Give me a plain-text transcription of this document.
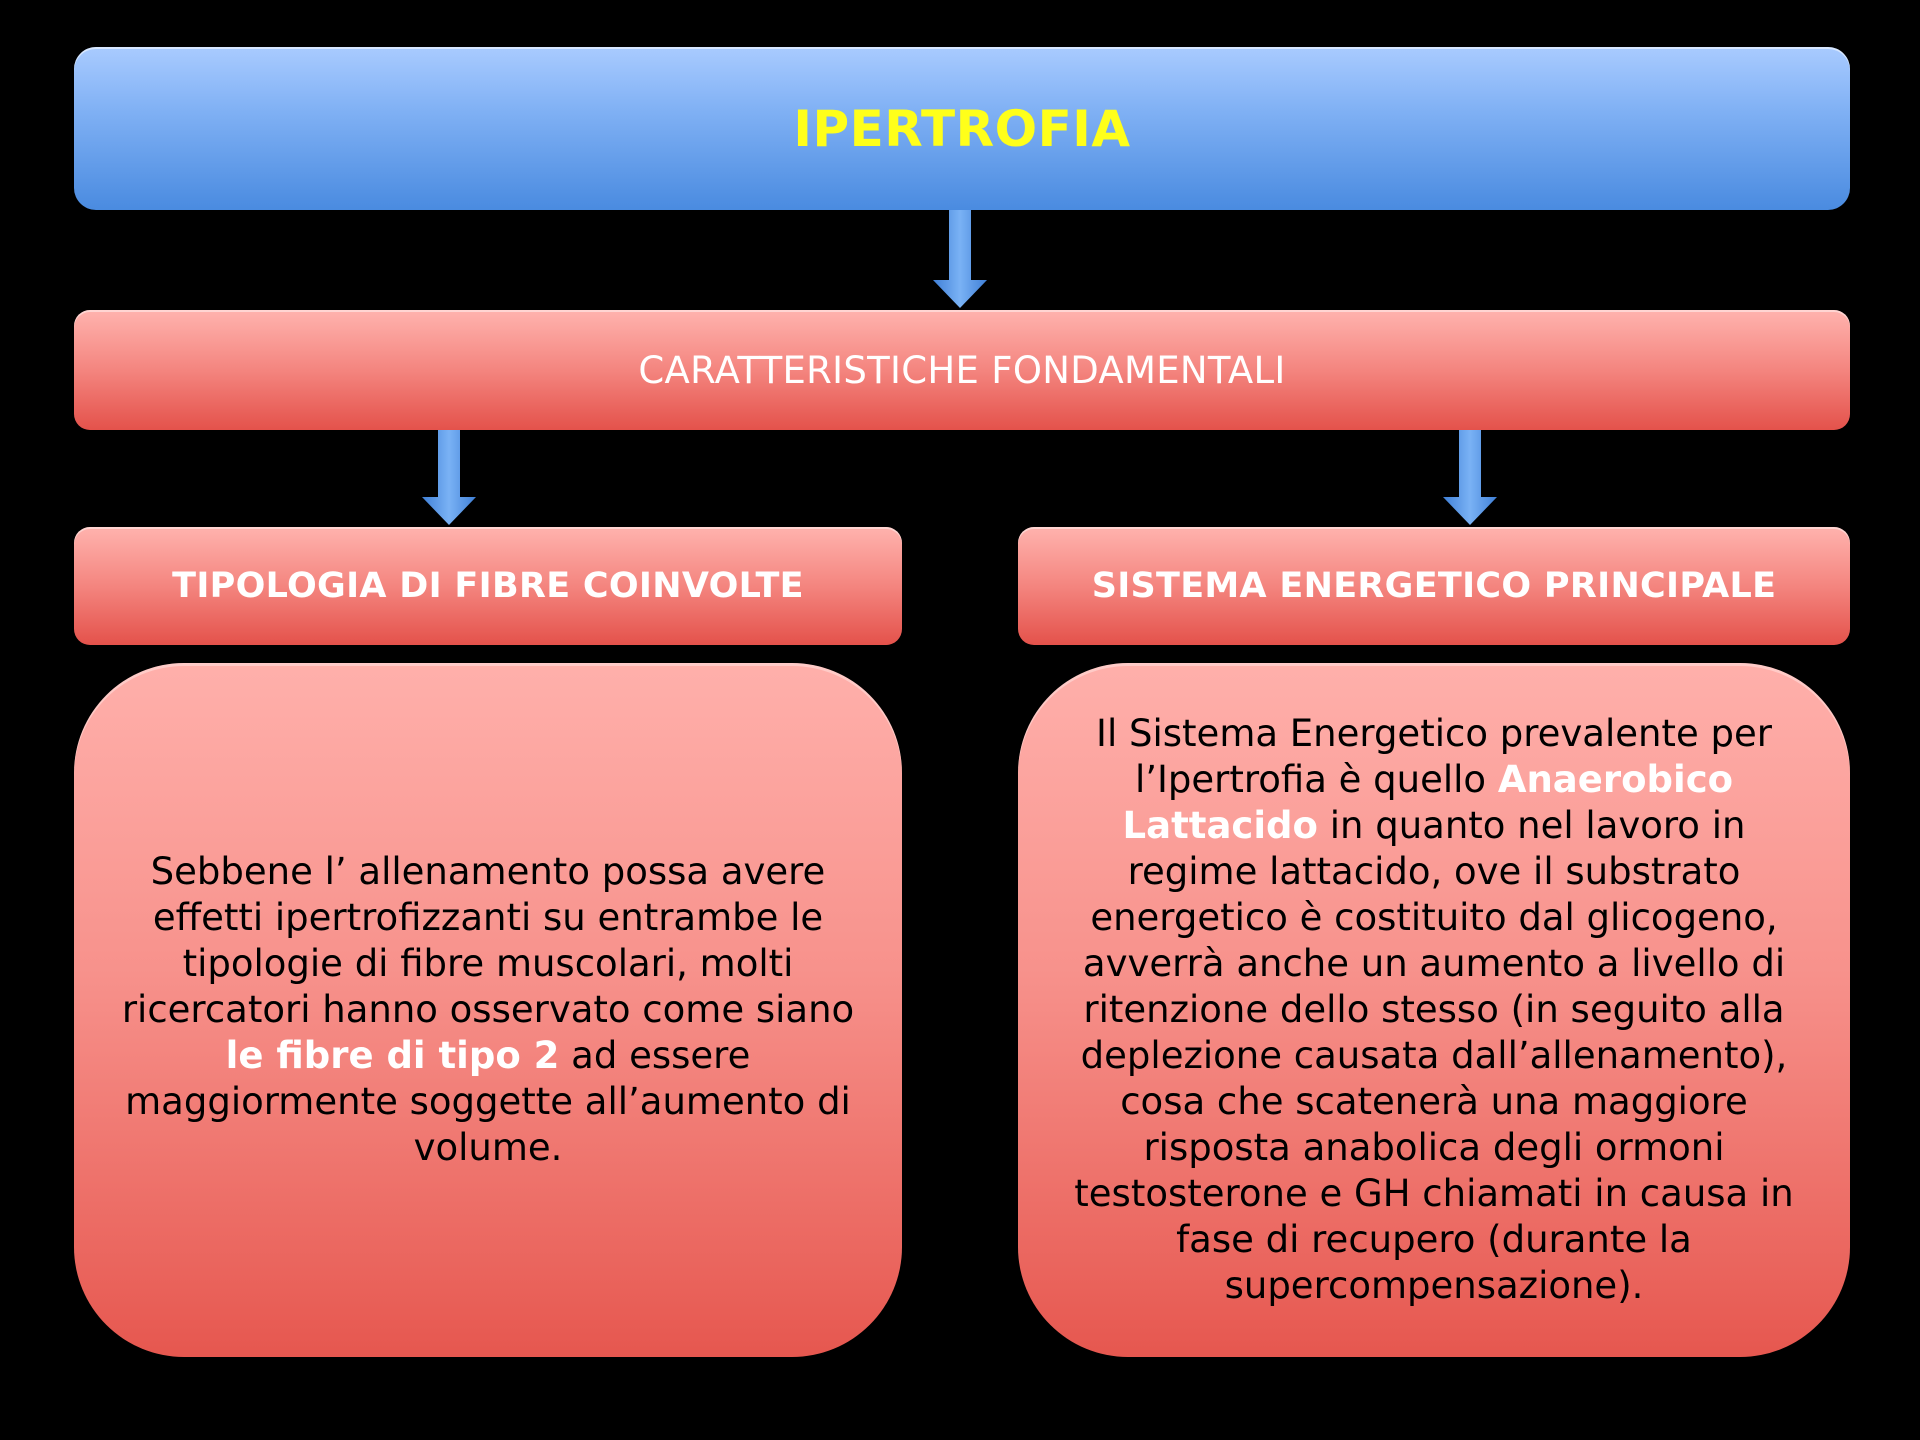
IPERTROFIA
CARATTERISTICHE FONDAMENTALI
TIPOLOGIA DI FIBRE COINVOLTE	SISTEMA ENERGETICO PRINCIPALE

Sebbene l’ allenamento possa avere effetti ipertrofizzanti su entrambe le tipologie di fibre muscolari, molti ricercatori hanno osservato come siano le fibre di tipo 2 ad essere maggiormente soggette all’aumento di volume.

Il Sistema Energetico prevalente per l’Ipertrofia è quello Anaerobico Lattacido in quanto nel lavoro in regime lattacido, ove il substrato energetico è costituito dal glicogeno, avverrà anche un aumento a livello di ritenzione dello stesso (in seguito alla deplezione causata dall’allenamento), cosa che scatenerà una maggiore risposta anabolica degli ormoni testosterone e GH chiamati in causa in fase di recupero (durante la supercompensazione).
